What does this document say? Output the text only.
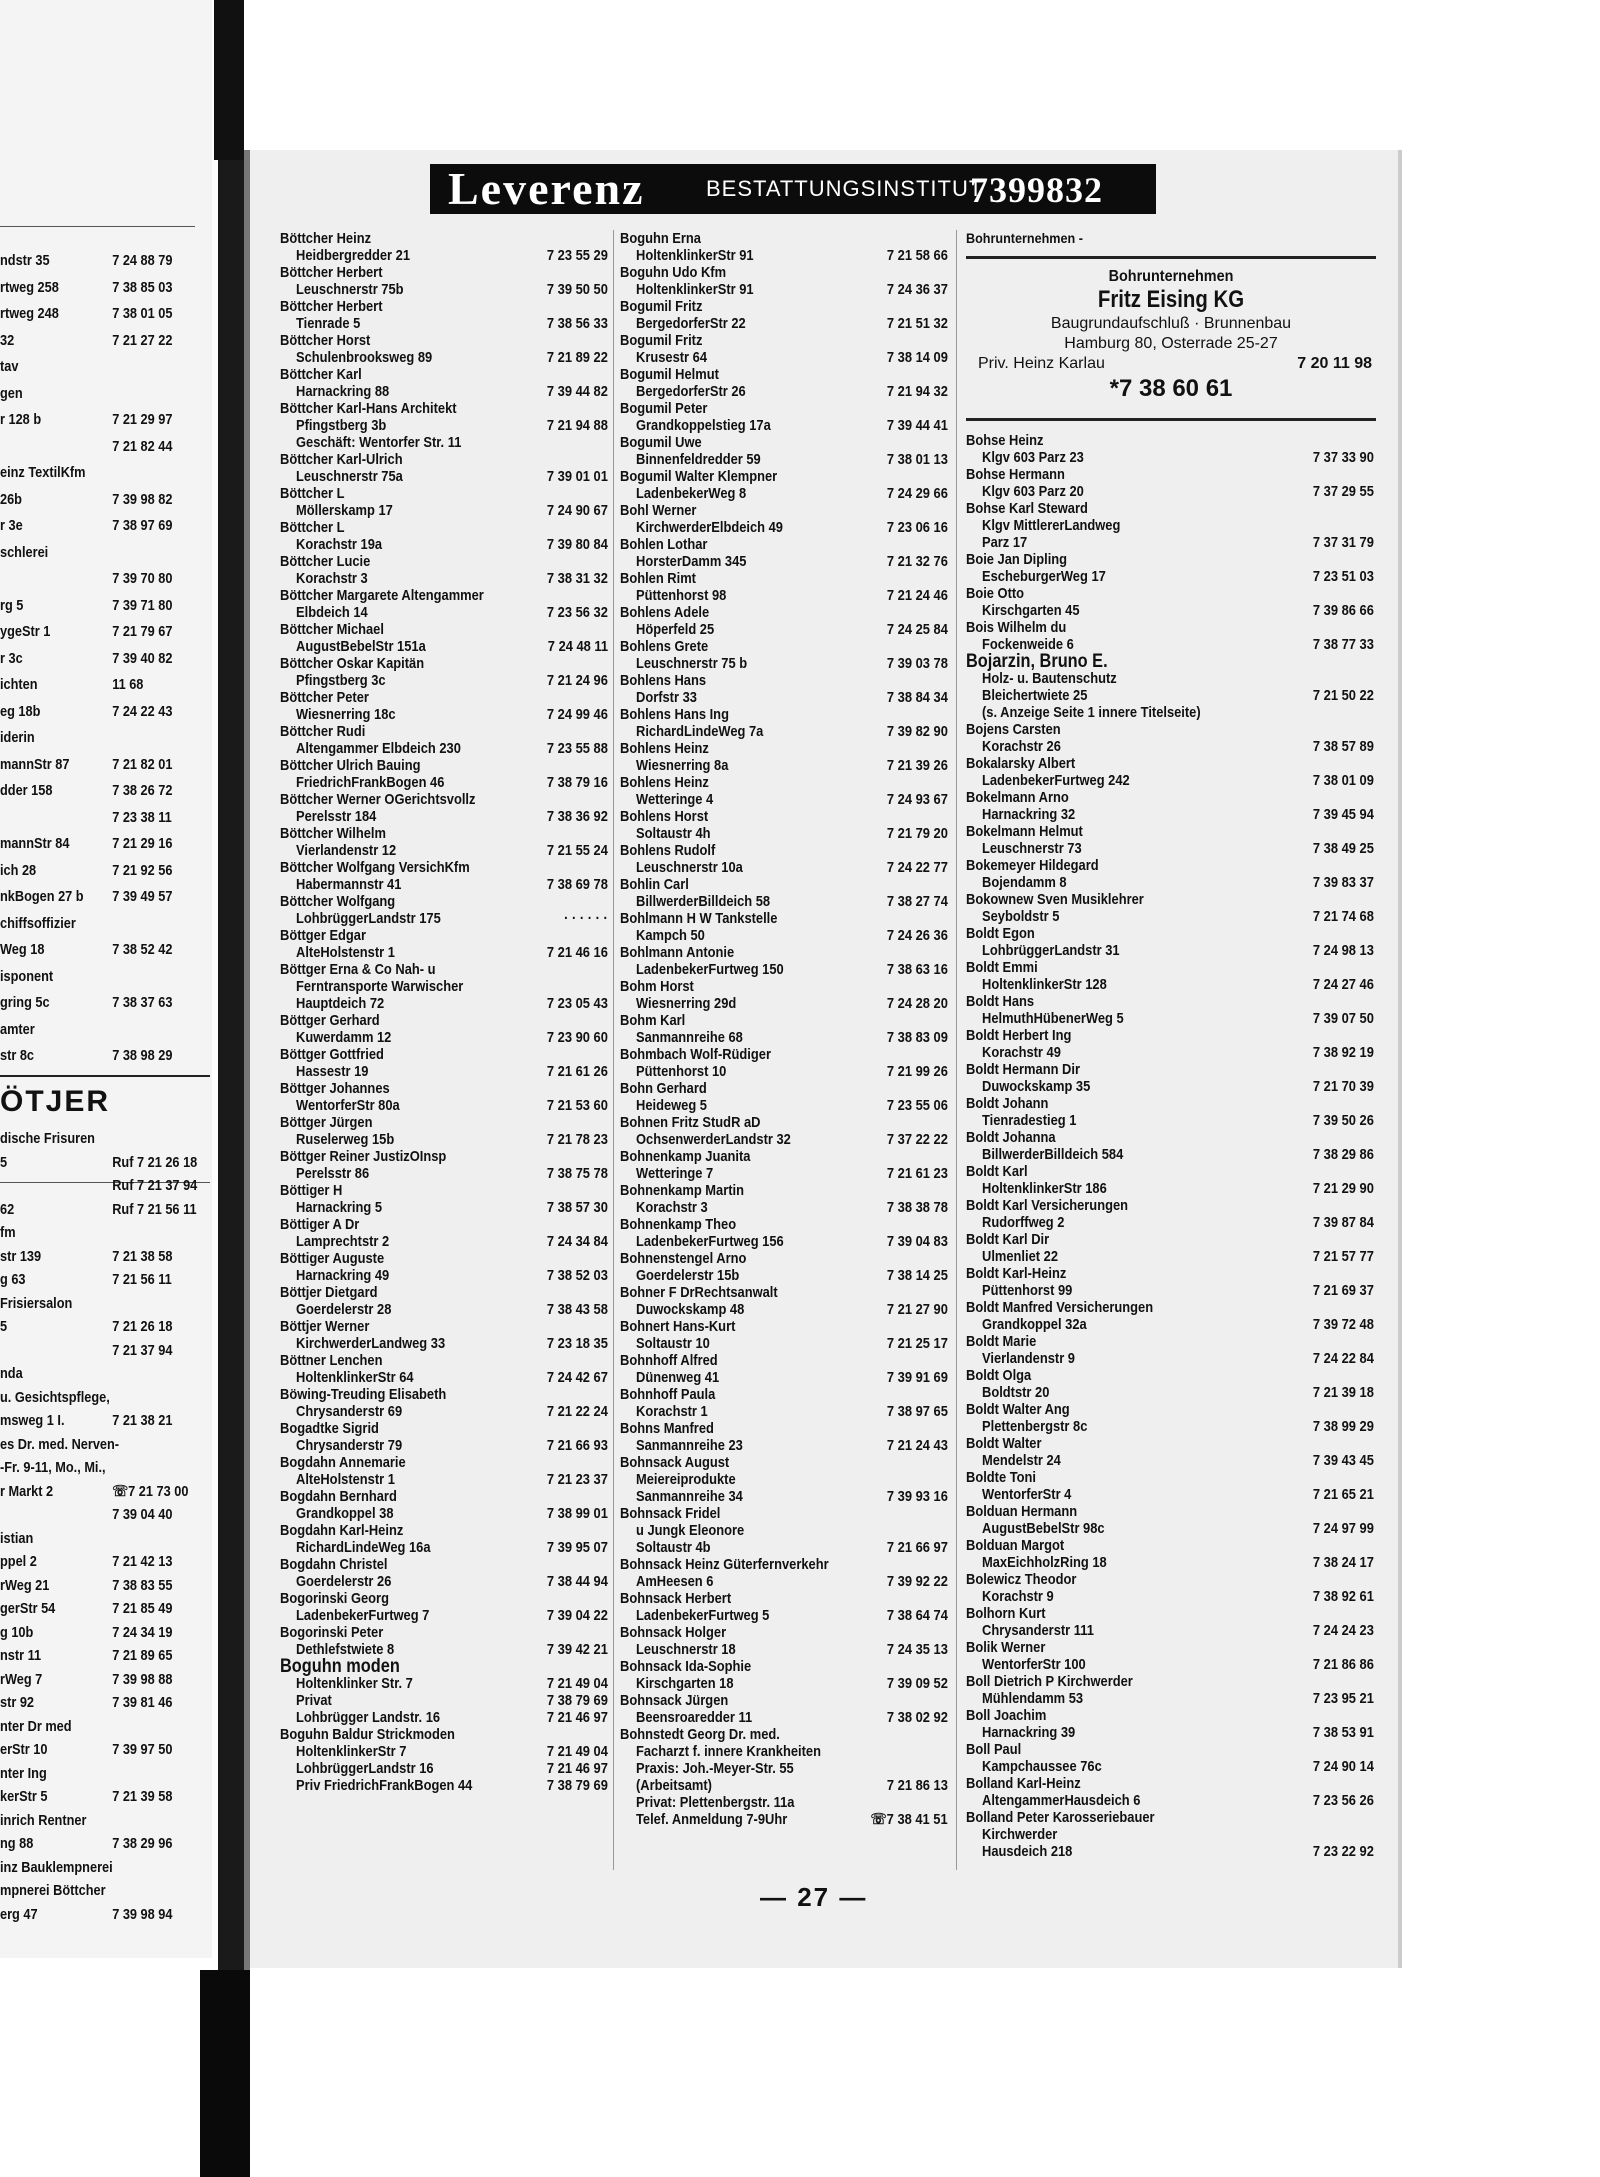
ndstr 35	7 24 88 79
rtweg 258	7 38 85 03
rtweg 248	7 38 01 05
32	7 21 27 22
tav
gen
r 128 b	7 21 29 97
7 21 82 44
einz TextilKfm
26b	7 39 98 82
r 3e	7 38 97 69
schlerei
7 39 70 80
rg 5	7 39 71 80
ygeStr 1	7 21 79 67
r 3c	7 39 40 82
ichten	11 68
eg 18b	7 24 22 43
iderin
mannStr 87	7 21 82 01
dder 158	7 38 26 72
7 23 38 11
mannStr 84	7 21 29 16
ich 28	7 21 92 56
nkBogen 27 b 7 39 49 57
chiffsoffizier
Weg 18	7 38 52 42
isponent
gring 5c	7 38 37 63
amter
str 8c	7 38 98 29
ÖTJER
dische Frisuren
5	Ruf 7 21 26 18
Ruf 7 21 37 94
62	Ruf 7 21 56 11
fm
str 139	7 21 38 58
g 63	7 21 56 11
Frisiersalon
5	7 21 26 18
7 21 37 94
nda
u. Gesichtspflege,
msweg 1 I.	7 21 38 21
es Dr. med. Nerven-
-Fr. 9-11, Mo., Mi.,
r Markt 2	☏7 21 73 00
7 39 04 40
istian
ppel 2	7 21 42 13
rWeg 21	7 38 83 55
gerStr 54	7 21 85 49
g 10b	7 24 34 19
nstr 11	7 21 89 65
rWeg 7	7 39 98 88
str 92	7 39 81 46
nter Dr med
erStr 10	7 39 97 50
nter Ing
kerStr 5	7 21 39 58
inrich Rentner
ng 88	7 38 29 96
inz Bauklempnerei
mpnerei Böttcher
erg 47	7 39 98 94
Leverenz	BESTATTUNGSINSTITUT
7399832
Böttcher Heinz
Heidbergredder 21	7 23 55 29
Böttcher Herbert
Leuschnerstr 75b	7 39 50 50
Böttcher Herbert
Tienrade 5	7 38 56 33
Böttcher Horst
Schulenbrooksweg 89	7 21 89 22
Böttcher Karl
Harnackring 88	7 39 44 82
Böttcher Karl-Hans Architekt
Pfingstberg 3b	7 21 94 88
Geschäft: Wentorfer Str. 11
Böttcher Karl-Ulrich
Leuschnerstr 75a	7 39 01 01
Böttcher L
Möllerskamp 17	7 24 90 67
Böttcher L
Korachstr 19a	7 39 80 84
Böttcher Lucie
Korachstr 3	7 38 31 32
Böttcher Margarete Altengammer
Elbdeich 14	7 23 56 32
Böttcher Michael
AugustBebelStr 151a	7 24 48 11
Böttcher Oskar Kapitän
Pfingstberg 3c	7 21 24 96
Böttcher Peter
Wiesnerring 18c	7 24 99 46
Böttcher Rudi
Altengammer Elbdeich 230	7 23 55 88
Böttcher Ulrich Bauing
FriedrichFrankBogen 46	7 38 79 16
Böttcher Werner OGerichtsvollz
Perelsstr 184	7 38 36 92
Böttcher Wilhelm
Vierlandenstr 12	7 21 55 24
Böttcher Wolfgang VersichKfm
Habermannstr 41	7 38 69 78
Böttcher Wolfgang
LohbrüggerLandstr 175	· · · · · ·
Böttger Edgar
AlteHolstenstr 1	7 21 46 16
Böttger Erna & Co Nah- u
Ferntransporte Warwischer
Hauptdeich 72	7 23 05 43
Böttger Gerhard
Kuwerdamm 12	7 23 90 60
Böttger Gottfried
Hassestr 19	7 21 61 26
Böttger Johannes
WentorferStr 80a	7 21 53 60
Böttger Jürgen
Ruselerweg 15b	7 21 78 23
Böttger Reiner JustizOInsp
Perelsstr 86	7 38 75 78
Böttiger H
Harnackring 5	7 38 57 30
Böttiger A Dr
Lamprechtstr 2	7 24 34 84
Böttiger Auguste
Harnackring 49	7 38 52 03
Böttjer Dietgard
Goerdelerstr 28	7 38 43 58
Böttjer Werner
KirchwerderLandweg 33	7 23 18 35
Böttner Lenchen
HoltenklinkerStr 64	7 24 42 67
Böwing-Treuding Elisabeth
Chrysanderstr 69	7 21 22 24
Bogadtke Sigrid
Chrysanderstr 79	7 21 66 93
Bogdahn Annemarie
AlteHolstenstr 1	7 21 23 37
Bogdahn Bernhard
Grandkoppel 38	7 38 99 01
Bogdahn Karl-Heinz
RichardLindeWeg 16a	7 39 95 07
Bogdahn Christel
Goerdelerstr 26	7 38 44 94
Bogorinski Georg
LadenbekerFurtweg 7	7 39 04 22
Bogorinski Peter
Dethlefstwiete 8	7 39 42 21
Boguhn moden
Holtenklinker Str. 7	7 21 49 04
Privat	7 38 79 69
Lohbrügger Landstr. 16	7 21 46 97
Boguhn Baldur Strickmoden
HoltenklinkerStr 7	7 21 49 04
LohbrüggerLandstr 16	7 21 46 97
Priv FriedrichFrankBogen 44	7 38 79 69
Boguhn Erna
HoltenklinkerStr 91	7 21 58 66
Boguhn Udo Kfm
HoltenklinkerStr 91	7 24 36 37
Bogumil Fritz
BergedorferStr 22	7 21 51 32
Bogumil Fritz
Krusestr 64	7 38 14 09
Bogumil Helmut
BergedorferStr 26	7 21 94 32
Bogumil Peter
Grandkoppelstieg 17a	7 39 44 41
Bogumil Uwe
Binnenfeldredder 59	7 38 01 13
Bogumil Walter Klempner
LadenbekerWeg 8	7 24 29 66
Bohl Werner
KirchwerderElbdeich 49	7 23 06 16
Bohlen Lothar
HorsterDamm 345	7 21 32 76
Bohlen Rimt
Püttenhorst 98	7 21 24 46
Bohlens Adele
Höperfeld 25	7 24 25 84
Bohlens Grete
Leuschnerstr 75 b	7 39 03 78
Bohlens Hans
Dorfstr 33	7 38 84 34
Bohlens Hans Ing
RichardLindeWeg 7a	7 39 82 90
Bohlens Heinz
Wiesnerring 8a	7 21 39 26
Bohlens Heinz
Wetteringe 4	7 24 93 67
Bohlens Horst
Soltaustr 4h	7 21 79 20
Bohlens Rudolf
Leuschnerstr 10a	7 24 22 77
Bohlin Carl
BillwerderBilldeich 58	7 38 27 74
Bohlmann H W Tankstelle
Kampch 50	7 24 26 36
Bohlmann Antonie
LadenbekerFurtweg 150	7 38 63 16
Bohm Horst
Wiesnerring 29d	7 24 28 20
Bohm Karl
Sanmannreihe 68	7 38 83 09
Bohmbach Wolf-Rüdiger
Püttenhorst 10	7 21 99 26
Bohn Gerhard
Heideweg 5	7 23 55 06
Bohnen Fritz StudR aD
OchsenwerderLandstr 32	7 37 22 22
Bohnenkamp Juanita
Wetteringe 7	7 21 61 23
Bohnenkamp Martin
Korachstr 3	7 38 38 78
Bohnenkamp Theo
LadenbekerFurtweg 156	7 39 04 83
Bohnenstengel Arno
Goerdelerstr 15b	7 38 14 25
Bohner F DrRechtsanwalt
Duwockskamp 48	7 21 27 90
Bohnert Hans-Kurt
Soltaustr 10	7 21 25 17
Bohnhoff Alfred
Dünenweg 41	7 39 91 69
Bohnhoff Paula
Korachstr 1	7 38 97 65
Bohns Manfred
Sanmannreihe 23	7 21 24 43
Bohnsack August
Meiereiprodukte
Sanmannreihe 34	7 39 93 16
Bohnsack Fridel
u Jungk Eleonore
Soltaustr 4b	7 21 66 97
Bohnsack Heinz Güterfernverkehr
AmHeesen 6	7 39 92 22
Bohnsack Herbert
LadenbekerFurtweg 5	7 38 64 74
Bohnsack Holger
Leuschnerstr 18	7 24 35 13
Bohnsack Ida-Sophie
Kirschgarten 18	7 39 09 52
Bohnsack Jürgen
Beensroaredder 11	7 38 02 92
Bohnstedt Georg Dr. med.
Facharzt f. innere Krankheiten
Praxis: Joh.-Meyer-Str. 55
(Arbeitsamt)	7 21 86 13
Privat: Plettenbergstr. 11a
Telef. Anmeldung 7-9Uhr	☏7 38 41 51
Bohrunternehmen -
Bohrunternehmen
Fritz Eising KG
Baugrundaufschluß · Brunnenbau
Hamburg 80, Osterrade 25-27
Priv. Heinz Karlau	7 20 11 98
*7 38 60 61
Bohse Heinz
Klgv 603 Parz 23	7 37 33 90
Bohse Hermann
Klgv 603 Parz 20	7 37 29 55
Bohse Karl Steward
Klgv MittlererLandweg
Parz 17	7 37 31 79
Boie Jan Dipling
EscheburgerWeg 17	7 23 51 03
Boie Otto
Kirschgarten 45	7 39 86 66
Bois Wilhelm du
Fockenweide 6	7 38 77 33
Bojarzin, Bruno E.
Holz- u. Bautenschutz
Bleichertwiete 25	7 21 50 22
(s. Anzeige Seite 1 innere Titelseite)
Bojens Carsten
Korachstr 26	7 38 57 89
Bokalarsky Albert
LadenbekerFurtweg 242	7 38 01 09
Bokelmann Arno
Harnackring 32	7 39 45 94
Bokelmann Helmut
Leuschnerstr 73	7 38 49 25
Bokemeyer Hildegard
Bojendamm 8	7 39 83 37
Bokownew Sven Musiklehrer
Seyboldstr 5	7 21 74 68
Boldt Egon
LohbrüggerLandstr 31	7 24 98 13
Boldt Emmi
HoltenklinkerStr 128	7 24 27 46
Boldt Hans
HelmuthHübenerWeg 5	7 39 07 50
Boldt Herbert Ing
Korachstr 49	7 38 92 19
Boldt Hermann Dir
Duwockskamp 35	7 21 70 39
Boldt Johann
Tienradestieg 1	7 39 50 26
Boldt Johanna
BillwerderBilldeich 584	7 38 29 86
Boldt Karl
HoltenklinkerStr 186	7 21 29 90
Boldt Karl Versicherungen
Rudorffweg 2	7 39 87 84
Boldt Karl Dir
Ulmenliet 22	7 21 57 77
Boldt Karl-Heinz
Püttenhorst 99	7 21 69 37
Boldt Manfred Versicherungen
Grandkoppel 32a	7 39 72 48
Boldt Marie
Vierlandenstr 9	7 24 22 84
Boldt Olga
Boldtstr 20	7 21 39 18
Boldt Walter Ang
Plettenbergstr 8c	7 38 99 29
Boldt Walter
Mendelstr 24	7 39 43 45
Boldte Toni
WentorferStr 4	7 21 65 21
Bolduan Hermann
AugustBebelStr 98c	7 24 97 99
Bolduan Margot
MaxEichholzRing 18	7 38 24 17
Bolewicz Theodor
Korachstr 9	7 38 92 61
Bolhorn Kurt
Chrysanderstr 111	7 24 24 23
Bolik Werner
WentorferStr 100	7 21 86 86
Boll Dietrich P Kirchwerder
Mühlendamm 53	7 23 95 21
Boll Joachim
Harnackring 39	7 38 53 91
Boll Paul
Kampchaussee 76c	7 24 90 14
Bolland Karl-Heinz
AltengammerHausdeich 6	7 23 56 26
Bolland Peter Karosseriebauer
Kirchwerder
Hausdeich 218	7 23 22 92
— 27 —
